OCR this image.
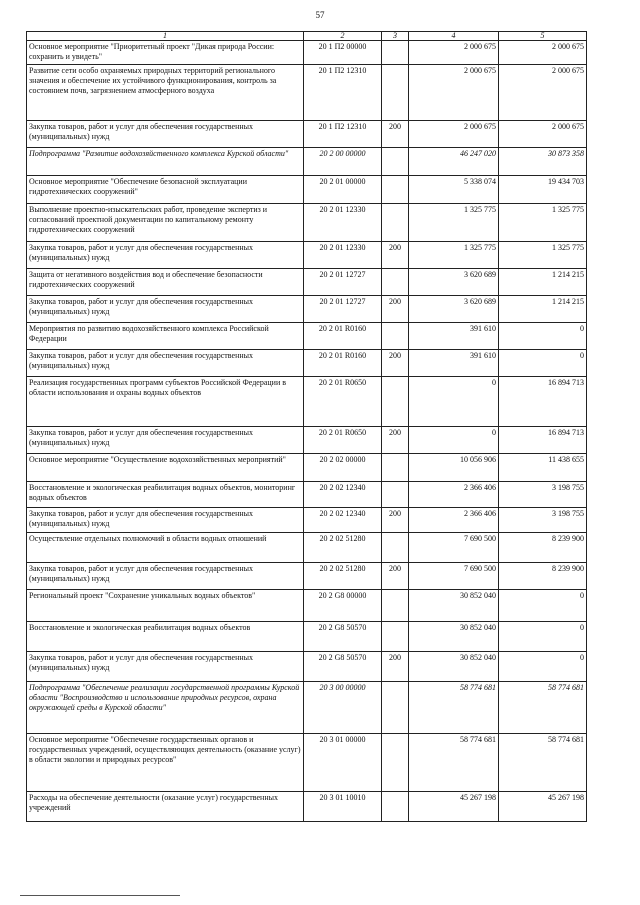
57
1	2	3	4	5
Основное мероприятие "Приоритетный проект "Дикая природа России: сохранить и увидеть"	20 1 П2 00000		2 000 675	2 000 675
Развитие сети особо охраняемых природных территорий регионального значения и обеспечение их устойчивого функционирования, контроль за состоянием почв, загрязнением атмосферного воздуха	20 1 П2 12310		2 000 675	2 000 675
Закупка товаров, работ и услуг для обеспечения государственных (муниципальных) нужд	20 1 П2 12310	200	2 000 675	2 000 675
Подпрограмма "Развитие водохозяйственного комплекса Курской области"	20 2 00 00000		46 247 020	30 873 358
Основное мероприятие "Обеспечение безопасной эксплуатации гидротехнических сооружений"	20 2 01 00000		5 338 074	19 434 703
Выполнение проектно-изыскательских работ, проведение экспертиз и согласований проектной документации по капитальному ремонту гидротехнических сооружений	20 2 01 12330		1 325 775	1 325 775
Закупка товаров, работ и услуг для обеспечения государственных (муниципальных) нужд	20 2 01 12330	200	1 325 775	1 325 775
Защита от негативного воздействия вод и обеспечение безопасности гидротехнических сооружений	20 2 01 12727		3 620 689	1 214 215
Закупка товаров, работ и услуг для обеспечения государственных (муниципальных) нужд	20 2 01 12727	200	3 620 689	1 214 215
Мероприятия по развитию водохозяйственного комплекса Российской Федерации	20 2 01 R0160		391 610	0
Закупка товаров, работ и услуг для обеспечения государственных (муниципальных) нужд	20 2 01 R0160	200	391 610	0
Реализация государственных программ субъектов Российской Федерации в области использования и охраны водных объектов	20 2 01 R0650		0	16 894 713
Закупка товаров, работ и услуг для обеспечения государственных (муниципальных) нужд	20 2 01 R0650	200	0	16 894 713
Основное мероприятие "Осуществление водохозяйственных мероприятий"	20 2 02 00000		10 056 906	11 438 655
Восстановление и экологическая реабилитация водных объектов, мониторинг водных объектов	20 2 02 12340		2 366 406	3 198 755
Закупка товаров, работ и услуг для обеспечения государственных (муниципальных) нужд	20 2 02 12340	200	2 366 406	3 198 755
Осуществление отдельных полномочий в области водных отношений	20 2 02 51280		7 690 500	8 239 900
Закупка товаров, работ и услуг для обеспечения государственных (муниципальных) нужд	20 2 02 51280	200	7 690 500	8 239 900
Региональный проект "Сохранение уникальных водных объектов"	20 2 G8 00000		30 852 040	0
Восстановление и экологическая реабилитация водных объектов	20 2 G8 50570		30 852 040	0
Закупка товаров, работ и услуг для обеспечения государственных (муниципальных) нужд	20 2 G8 50570	200	30 852 040	0
Подпрограмма "Обеспечение реализации государственной программы Курской области "Воспроизводство и использование природных ресурсов, охрана окружающей среды в Курской области"	20 3 00 00000		58 774 681	58 774 681
Основное мероприятие "Обеспечение государственных органов и государственных учреждений, осуществляющих деятельность (оказание услуг) в области экологии и природных ресурсов"	20 3 01 00000		58 774 681	58 774 681
Расходы на обеспечение деятельности (оказание услуг) государственных учреждений	20 3 01 10010		45 267 198	45 267 198
